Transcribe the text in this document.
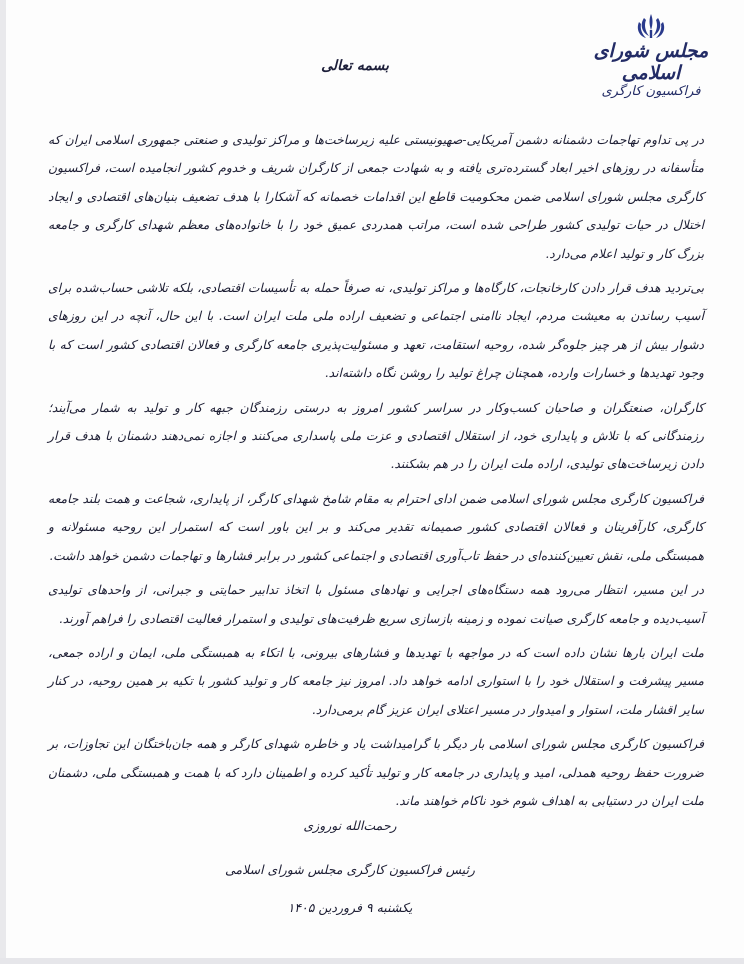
مجلس شورای اسلامی
فراکسیون کارگری
بسمه تعالی

در پی تداوم تهاجمات دشمنانه دشمن آمریکایی-صهیونیستی علیه زیرساخت‌ها و مراکز تولیدی و صنعتی جمهوری اسلامی ایران که متأسفانه در روزهای اخیر ابعاد گسترده‌تری یافته و به شهادت جمعی از کارگران شریف و خدوم کشور انجامیده است، فراکسیون کارگری مجلس شورای اسلامی ضمن محکومیت قاطع این اقدامات خصمانه که آشکارا با هدف تضعیف بنیان‌های اقتصادی و ایجاد اختلال در حیات تولیدی کشور طراحی شده است، مراتب همدردی عمیق خود را با خانواده‌های معظم شهدای کارگری و جامعه بزرگ کار و تولید اعلام می‌دارد.

بی‌تردید هدف قرار دادن کارخانجات، کارگاه‌ها و مراکز تولیدی، نه صرفاً حمله به تأسیسات اقتصادی، بلکه تلاشی حساب‌شده برای آسیب رساندن به معیشت مردم، ایجاد ناامنی اجتماعی و تضعیف اراده ملی ملت ایران است. با این حال، آنچه در این روزهای دشوار بیش از هر چیز جلوه‌گر شده، روحیه استقامت، تعهد و مسئولیت‌پذیری جامعه کارگری و فعالان اقتصادی کشور است که با وجود تهدیدها و خسارات وارده، همچنان چراغ تولید را روشن نگاه داشته‌اند.

کارگران، صنعتگران و صاحبان کسب‌وکار در سراسر کشور امروز به درستی رزمندگان جبهه کار و تولید به شمار می‌آیند؛ رزمندگانی که با تلاش و پایداری خود، از استقلال اقتصادی و عزت ملی پاسداری می‌کنند و اجازه نمی‌دهند دشمنان با هدف قرار دادن زیرساخت‌های تولیدی، اراده ملت ایران را در هم بشکنند.

فراکسیون کارگری مجلس شورای اسلامی ضمن ادای احترام به مقام شامخ شهدای کارگر، از پایداری، شجاعت و همت بلند جامعه کارگری، کارآفرینان و فعالان اقتصادی کشور صمیمانه تقدیر می‌کند و بر این باور است که استمرار این روحیه مسئولانه و همبستگی ملی، نقش تعیین‌کننده‌ای در حفظ تاب‌آوری اقتصادی و اجتماعی کشور در برابر فشارها و تهاجمات دشمن خواهد داشت.

در این مسیر، انتظار می‌رود همه دستگاه‌های اجرایی و نهادهای مسئول با اتخاذ تدابیر حمایتی و جبرانی، از واحدهای تولیدی آسیب‌دیده و جامعه کارگری صیانت نموده و زمینه بازسازی سریع ظرفیت‌های تولیدی و استمرار فعالیت اقتصادی را فراهم آورند.

ملت ایران بارها نشان داده است که در مواجهه با تهدیدها و فشارهای بیرونی، با اتکاء به همبستگی ملی، ایمان و اراده جمعی، مسیر پیشرفت و استقلال خود را با استواری ادامه خواهد داد. امروز نیز جامعه کار و تولید کشور با تکیه بر همین روحیه، در کنار سایر اقشار ملت، استوار و امیدوار در مسیر اعتلای ایران عزیز گام برمی‌دارد.

فراکسیون کارگری مجلس شورای اسلامی بار دیگر با گرامیداشت یاد و خاطره شهدای کارگر و همه جان‌باختگان این تجاوزات، بر ضرورت حفظ روحیه همدلی، امید و پایداری در جامعه کار و تولید تأکید کرده و اطمینان دارد که با همت و همبستگی ملی، دشمنان ملت ایران در دستیابی به اهداف شوم خود ناکام خواهند ماند.

رحمت‌الله نوروزی
رئیس فراکسیون کارگری مجلس شورای اسلامی
یکشنبه ۹ فروردین ۱۴۰۵
